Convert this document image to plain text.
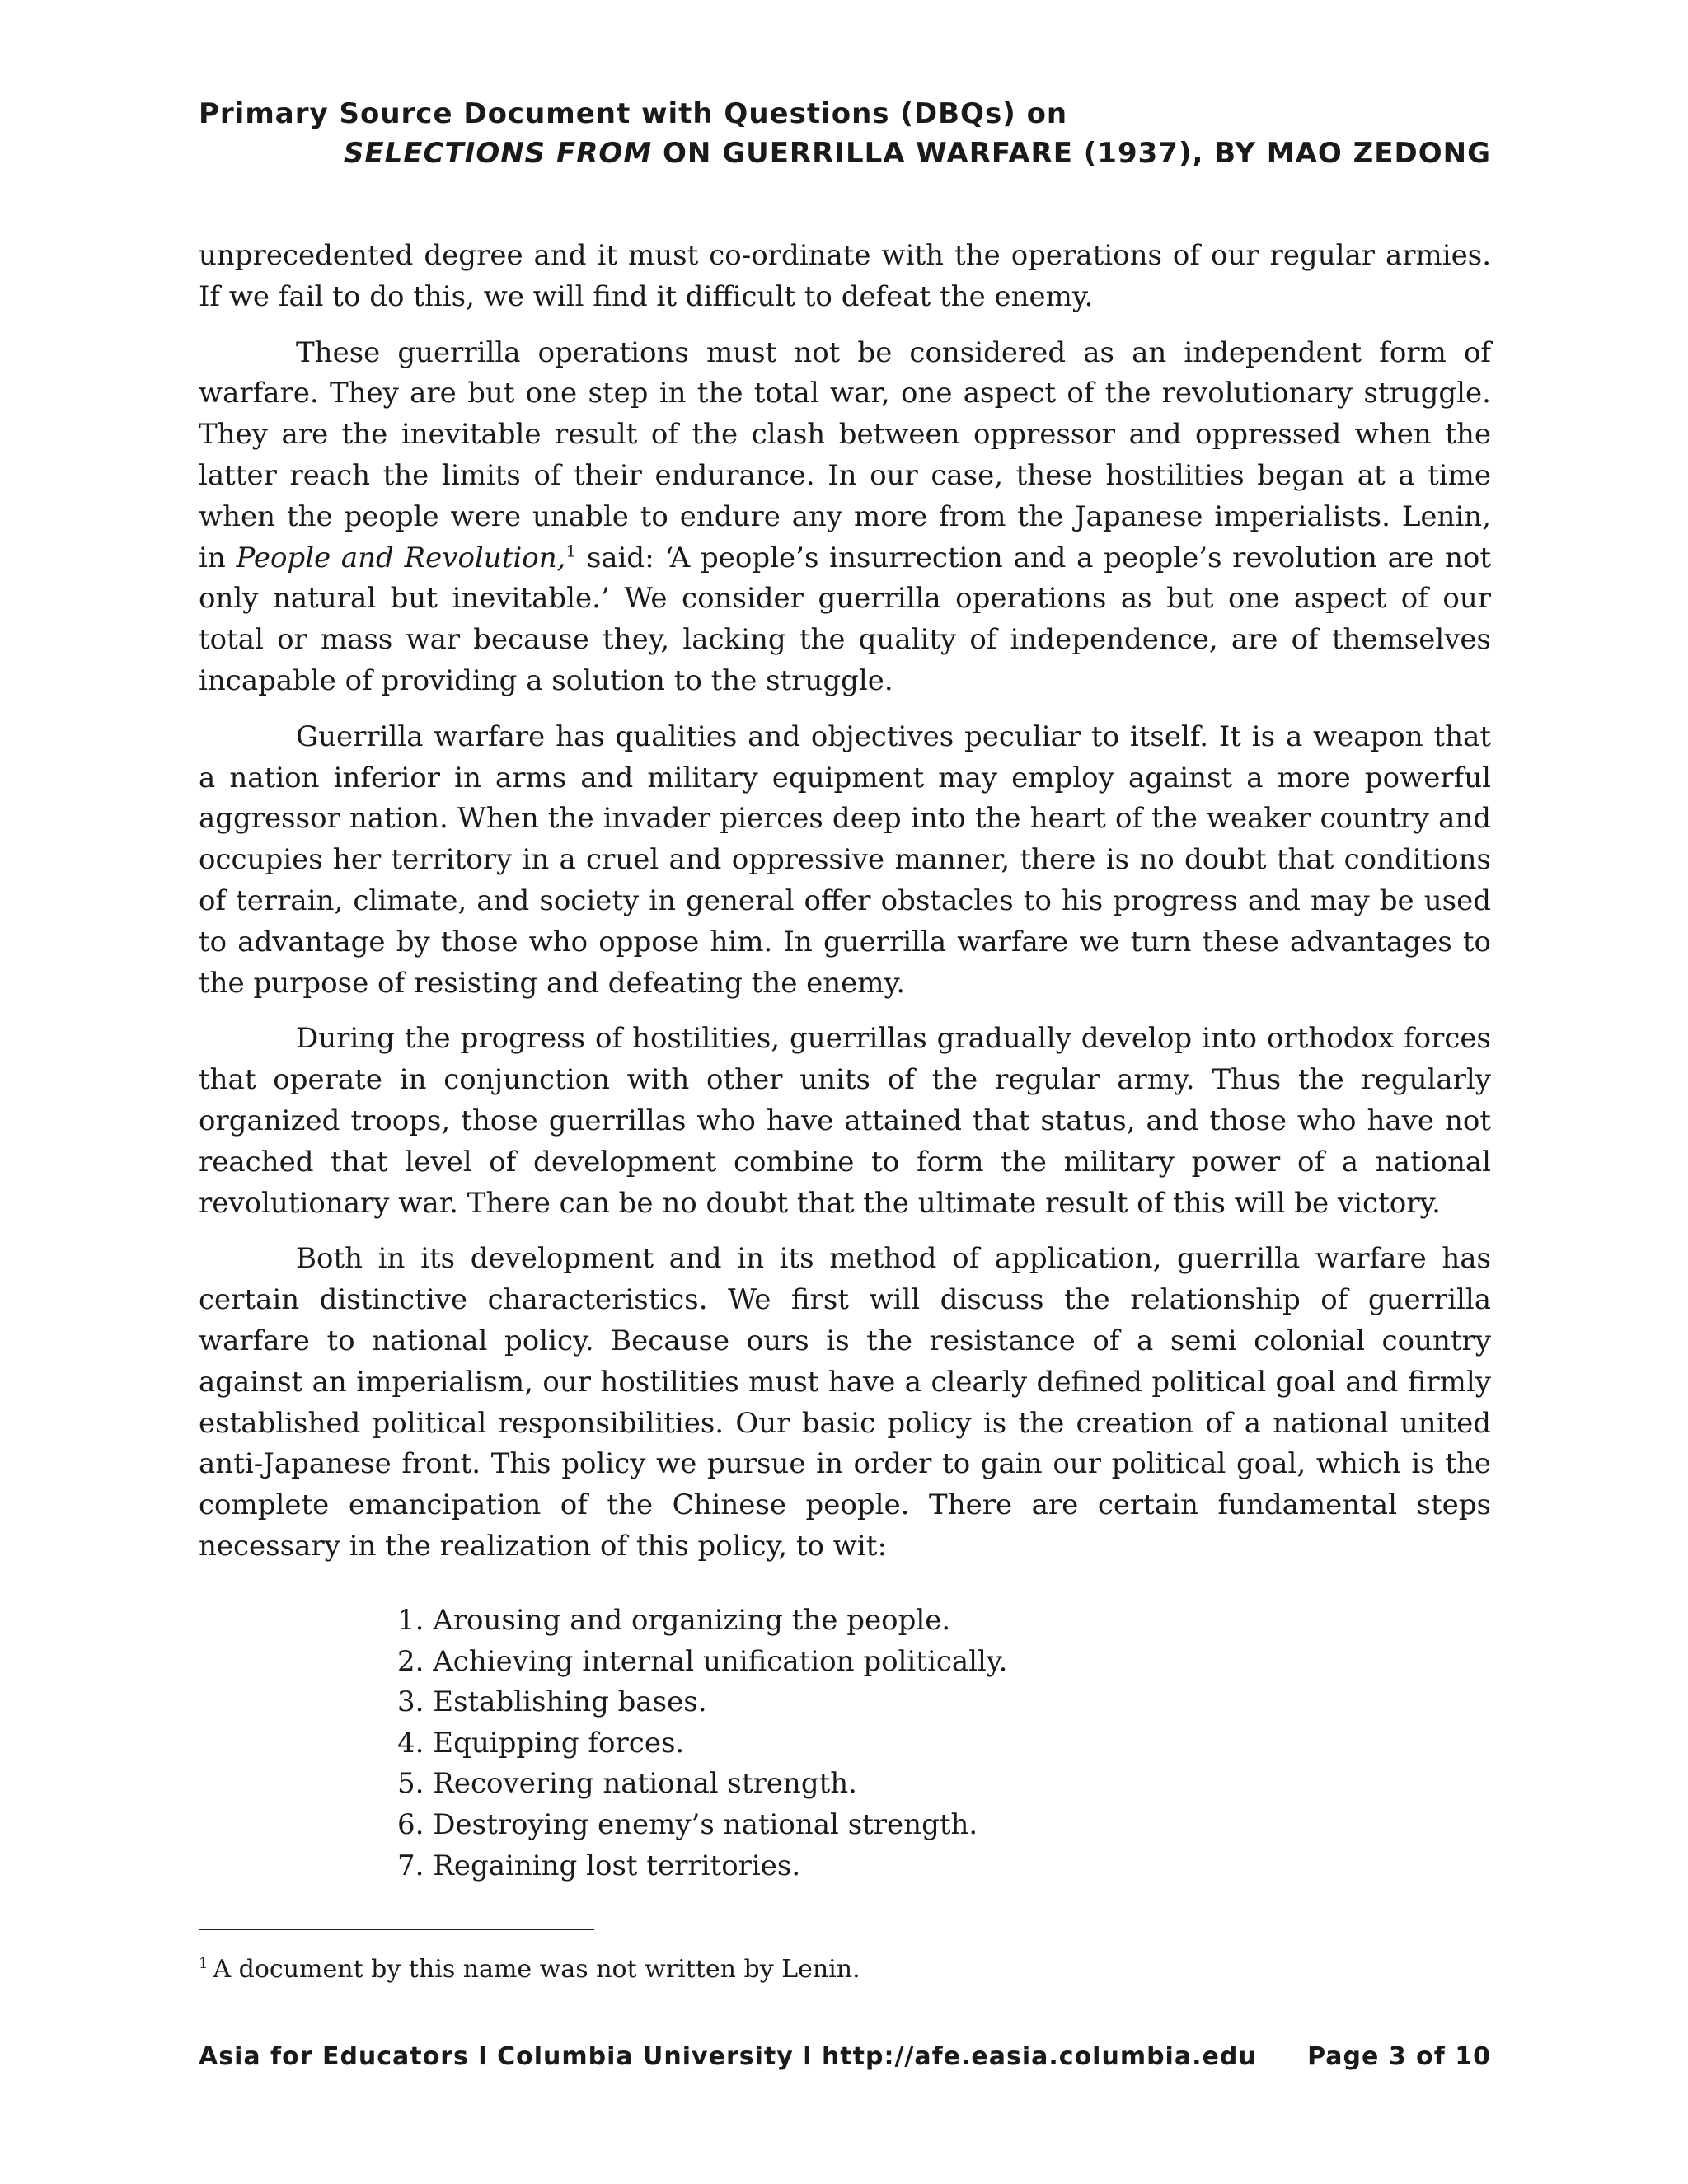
Primary Source Document with Questions (DBQs) on
SELECTIONS FROM ON GUERRILLA WARFARE (1937), BY MAO ZEDONG

unprecedented degree and it must co-ordinate with the operations of our regular armies. If we fail to do this, we will find it difficult to defeat the enemy.

These guerrilla operations must not be considered as an independent form of warfare. They are but one step in the total war, one aspect of the revolutionary struggle. They are the inevitable result of the clash between oppressor and oppressed when the latter reach the limits of their endurance. In our case, these hostilities began at a time when the people were unable to endure any more from the Japanese imperialists. Lenin, in People and Revolution,$^1$ said: ‘A people’s insurrection and a people’s revolution are not only natural but inevitable.’ We consider guerrilla operations as but one aspect of our total or mass war because they, lacking the quality of independence, are of themselves incapable of providing a solution to the struggle.

Guerrilla warfare has qualities and objectives peculiar to itself. It is a weapon that a nation inferior in arms and military equipment may employ against a more powerful aggressor nation. When the invader pierces deep into the heart of the weaker country and occupies her territory in a cruel and oppressive manner, there is no doubt that conditions of terrain, climate, and society in general offer obstacles to his progress and may be used to advantage by those who oppose him. In guerrilla warfare we turn these advantages to the purpose of resisting and defeating the enemy.

During the progress of hostilities, guerrillas gradually develop into orthodox forces that operate in conjunction with other units of the regular army. Thus the regularly organized troops, those guerrillas who have attained that status, and those who have not reached that level of development combine to form the military power of a national revolutionary war. There can be no doubt that the ultimate result of this will be victory.

Both in its development and in its method of application, guerrilla warfare has certain distinctive characteristics. We first will discuss the relationship of guerrilla warfare to national policy. Because ours is the resistance of a semi colonial country against an imperialism, our hostilities must have a clearly defined political goal and firmly established political responsibilities. Our basic policy is the creation of a national united anti-Japanese front. This policy we pursue in order to gain our political goal, which is the complete emancipation of the Chinese people. There are certain fundamental steps necessary in the realization of this policy, to wit:

1. Arousing and organizing the people.
2. Achieving internal unification politically.
3. Establishing bases.
4. Equipping forces.
5. Recovering national strength.
6. Destroying enemy’s national strength.
7. Regaining lost territories.
$^1$ A document by this name was not written by Lenin.
Asia for Educators l Columbia University l http://afe.easia.columbia.edu Page 3 of 10
